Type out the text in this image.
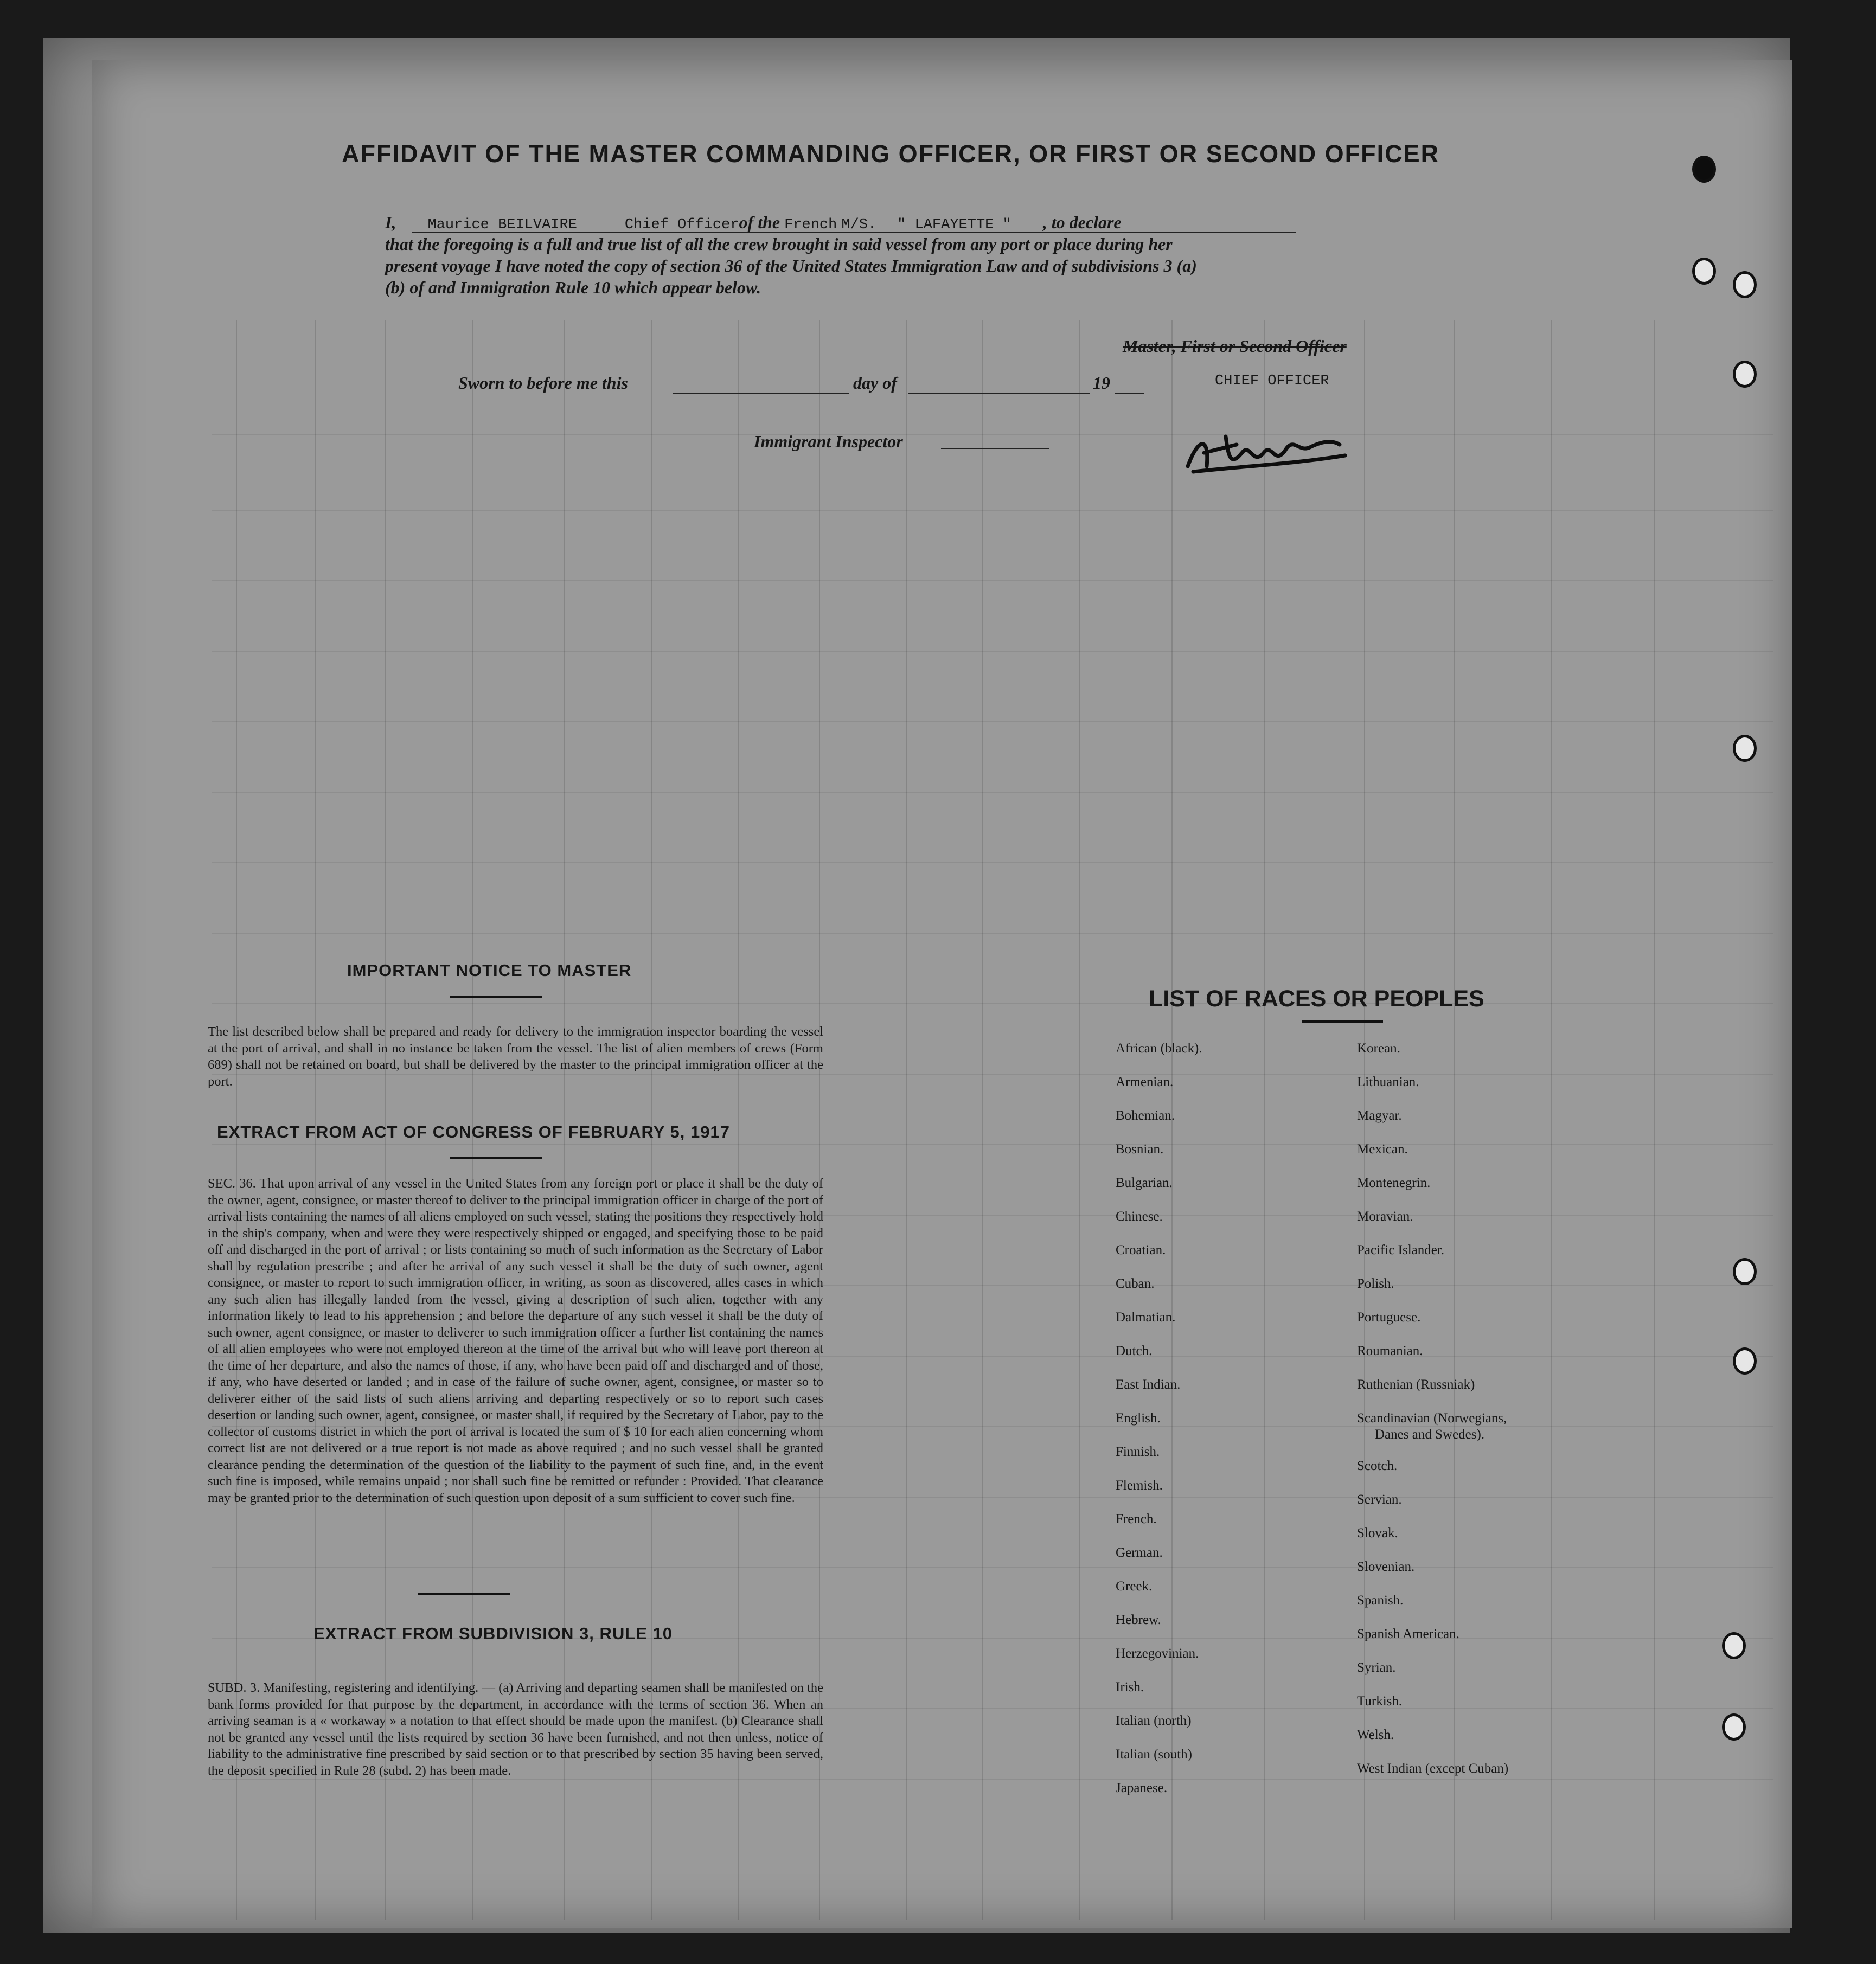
AFFIDAVIT OF THE MASTER COMMANDING OFFICER, OR FIRST OR SECOND OFFICER
I, Maurice BEILVAIRE	Chief Officerof the French M/S. " LAFAYETTE " , to declare
that the foregoing is a full and true list of all the crew brought in said vessel from any port or place during her
present voyage I have noted the copy of section 36 of the United States Immigration Law and of subdivisions 3 (a)
(b) of and Immigration Rule 10 which appear below.
Sworn to before me this	day of	19
Master, First or Second Officer
CHIEF OFFICER
Immigrant Inspector
IMPORTANT NOTICE TO MASTER
The list described below shall be prepared and ready for delivery to the immigration inspector boarding the vessel at the port of arrival, and shall in no instance be taken from the vessel. The list of alien members of crews (Form 689) shall not be retained on board, but shall be delivered by the master to the principal immigration officer at the port.
EXTRACT FROM ACT OF CONGRESS OF FEBRUARY 5, 1917
SEC. 36. That upon arrival of any vessel in the United States from any foreign port or place it shall be the duty of the owner, agent, consignee, or master thereof to deliver to the principal immigration officer in charge of the port of arrival lists containing the names of all aliens employed on such vessel, stating the positions they respectively hold in the ship's company, when and were they were respectively shipped or engaged, and specifying those to be paid off and discharged in the port of arrival ; or lists containing so much of such information as the Secretary of Labor shall by regulation prescribe ; and after he arrival of any such vessel it shall be the duty of such owner, agent consignee, or master to report to such immigration officer, in writing, as soon as discovered, alles cases in which any such alien has illegally landed from the vessel, giving a description of such alien, together with any information likely to lead to his apprehension ; and before the departure of any such vessel it shall be the duty of such owner, agent consignee, or master to deliverer to such immigration officer a further list containing the names of all alien employees who were not employed thereon at the time of the arrival but who will leave port thereon at the time of her departure, and also the names of those, if any, who have been paid off and discharged and of those, if any, who have deserted or landed ; and in case of the failure of suche owner, agent, consignee, or master so to deliverer either of the said lists of such aliens arriving and departing respectively or so to report such cases desertion or landing such owner, agent, consignee, or master shall, if required by the Secretary of Labor, pay to the collector of customs district in which the port of arrival is located the sum of $ 10 for each alien concerning whom correct list are not delivered or a true report is not made as above required ; and no such vessel shall be granted clearance pending the determination of the question of the liability to the payment of such fine, and, in the event such fine is imposed, while remains unpaid ; nor shall such fine be remitted or refunder : Provided. That clearance may be granted prior to the determination of such question upon deposit of a sum sufficient to cover such fine.
EXTRACT FROM SUBDIVISION 3, RULE 10
SUBD. 3. Manifesting, registering and identifying. — (a) Arriving and departing seamen shall be manifested on the bank forms provided for that purpose by the department, in accordance with the terms of section 36. When an arriving seaman is a « workaway » a notation to that effect should be made upon the manifest. (b) Clearance shall not be granted any vessel until the lists required by section 36 have been furnished, and not then unless, notice of liability to the administrative fine prescribed by said section or to that prescribed by section 35 having been served, the deposit specified in Rule 28 (subd. 2) has been made.
LIST OF RACES OR PEOPLES
African (black).
Armenian.
Bohemian.
Bosnian.
Bulgarian.
Chinese.
Croatian.
Cuban.
Dalmatian.
Dutch.
East Indian.
English.
Finnish.
Flemish.
French.
German.
Greek.
Hebrew.
Herzegovinian.
Irish.
Italian (north)
Italian (south)
Japanese.
Korean.
Lithuanian.
Magyar.
Mexican.
Montenegrin.
Moravian.
Pacific Islander.
Polish.
Portuguese.
Roumanian.
Ruthenian (Russniak)
Scandinavian (Norwegians,
Danes and Swedes).
Scotch.
Servian.
Slovak.
Slovenian.
Spanish.
Spanish American.
Syrian.
Turkish.
Welsh.
West Indian (except Cuban)
